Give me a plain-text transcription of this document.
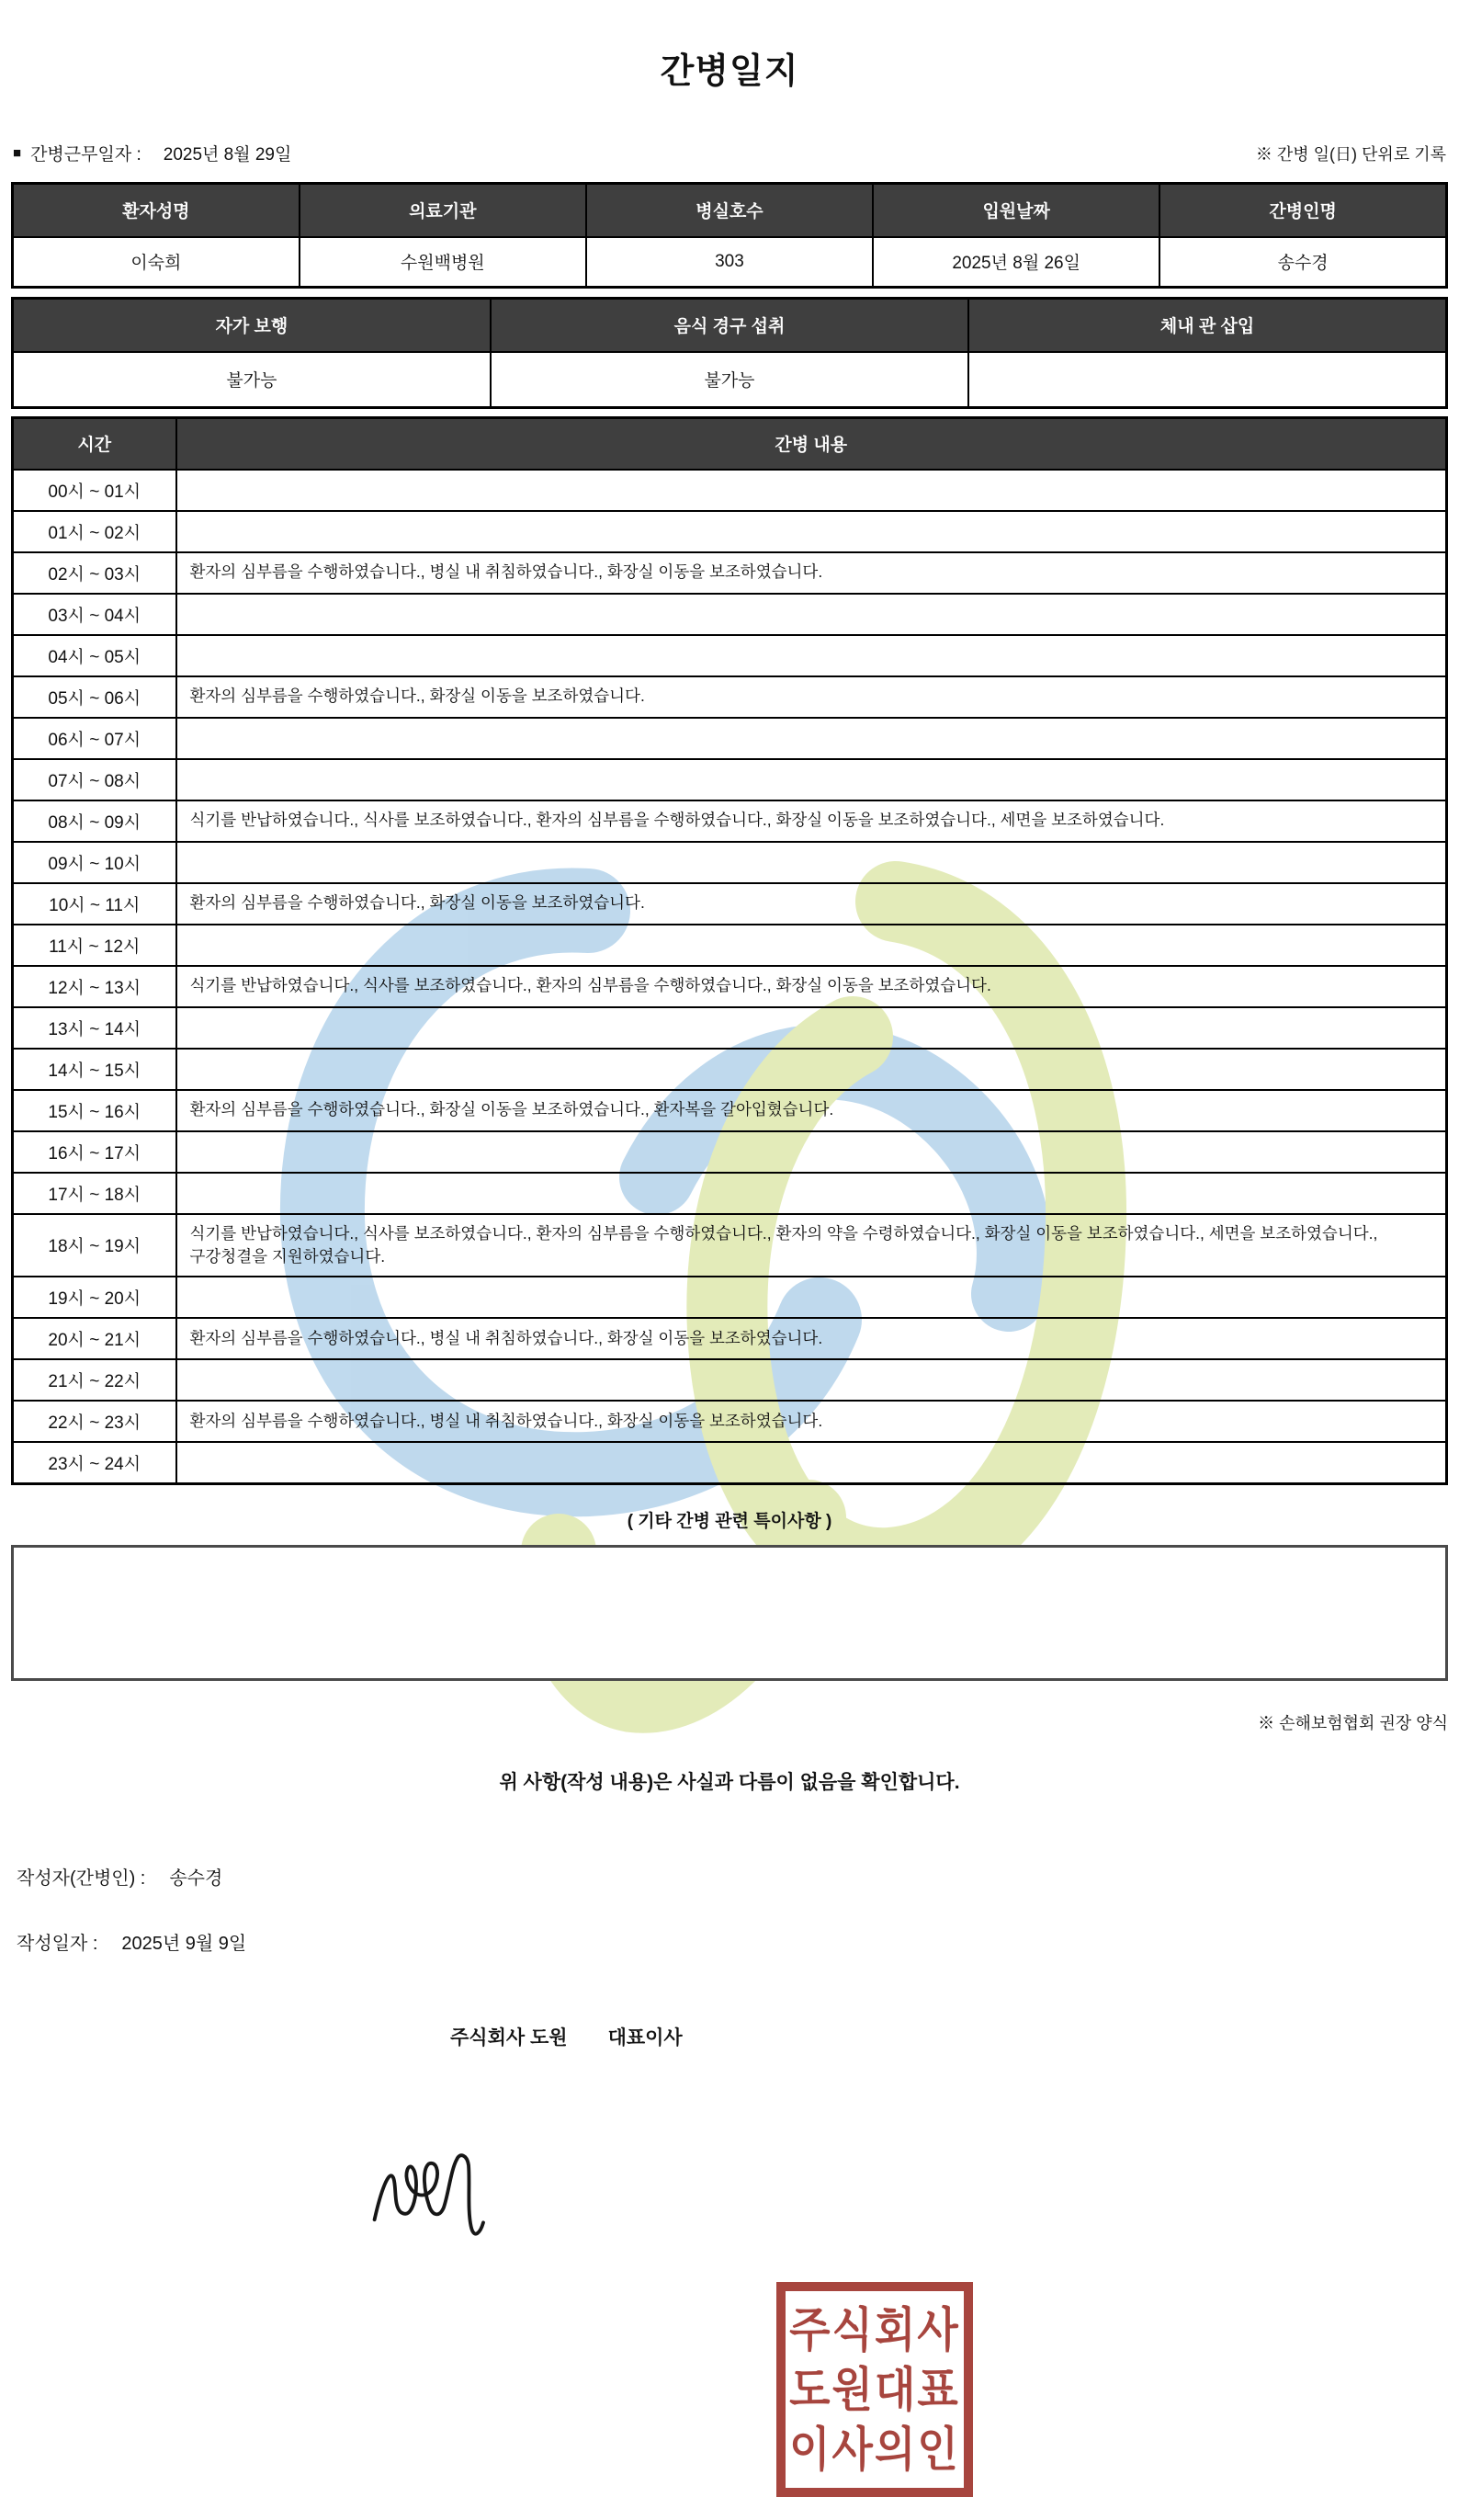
간병일지
■ 간병근무일자 : 2025년 8월 29일	※ 간병 일(日) 단위로 기록
환자성명	의료기관	병실호수	입원날짜	간병인명
이숙희	수원백병원	303	2025년 8월 26일	송수경
자가 보행	음식 경구 섭취	체내 관 삽입
불가능	불가능	
시간	간병 내용
00시 ~ 01시	
01시 ~ 02시	
02시 ~ 03시	환자의 심부름을 수행하였습니다., 병실 내 취침하였습니다., 화장실 이동을 보조하였습니다.
03시 ~ 04시	
04시 ~ 05시	
05시 ~ 06시	환자의 심부름을 수행하였습니다., 화장실 이동을 보조하였습니다.
06시 ~ 07시	
07시 ~ 08시	
08시 ~ 09시	식기를 반납하였습니다., 식사를 보조하였습니다., 환자의 심부름을 수행하였습니다., 화장실 이동을 보조하였습니다., 세면을 보조하였습니다.
09시 ~ 10시	
10시 ~ 11시	환자의 심부름을 수행하였습니다., 화장실 이동을 보조하였습니다.
11시 ~ 12시	
12시 ~ 13시	식기를 반납하였습니다., 식사를 보조하였습니다., 환자의 심부름을 수행하였습니다., 화장실 이동을 보조하였습니다.
13시 ~ 14시	
14시 ~ 15시	
15시 ~ 16시	환자의 심부름을 수행하였습니다., 화장실 이동을 보조하였습니다., 환자복을 갈아입혔습니다.
16시 ~ 17시	
17시 ~ 18시	
18시 ~ 19시	식기를 반납하였습니다., 식사를 보조하였습니다., 환자의 심부름을 수행하였습니다., 환자의 약을 수령하였습니다., 화장실 이동을 보조하였습니다., 세면을 보조하였습니다., 구강청결을 지원하였습니다.
19시 ~ 20시	
20시 ~ 21시	환자의 심부름을 수행하였습니다., 병실 내 취침하였습니다., 화장실 이동을 보조하였습니다.
21시 ~ 22시	
22시 ~ 23시	환자의 심부름을 수행하였습니다., 병실 내 취침하였습니다., 화장실 이동을 보조하였습니다.
23시 ~ 24시	
( 기타 간병 관련 특이사항 )
※ 손해보험협회 권장 양식
위 사항(작성 내용)은 사실과 다름이 없음을 확인합니다.
작성자(간병인) : 송수경
작성일자 : 2025년 9월 9일
주식회사 도원 대표이사
주식회사
도원대표
이사의인
